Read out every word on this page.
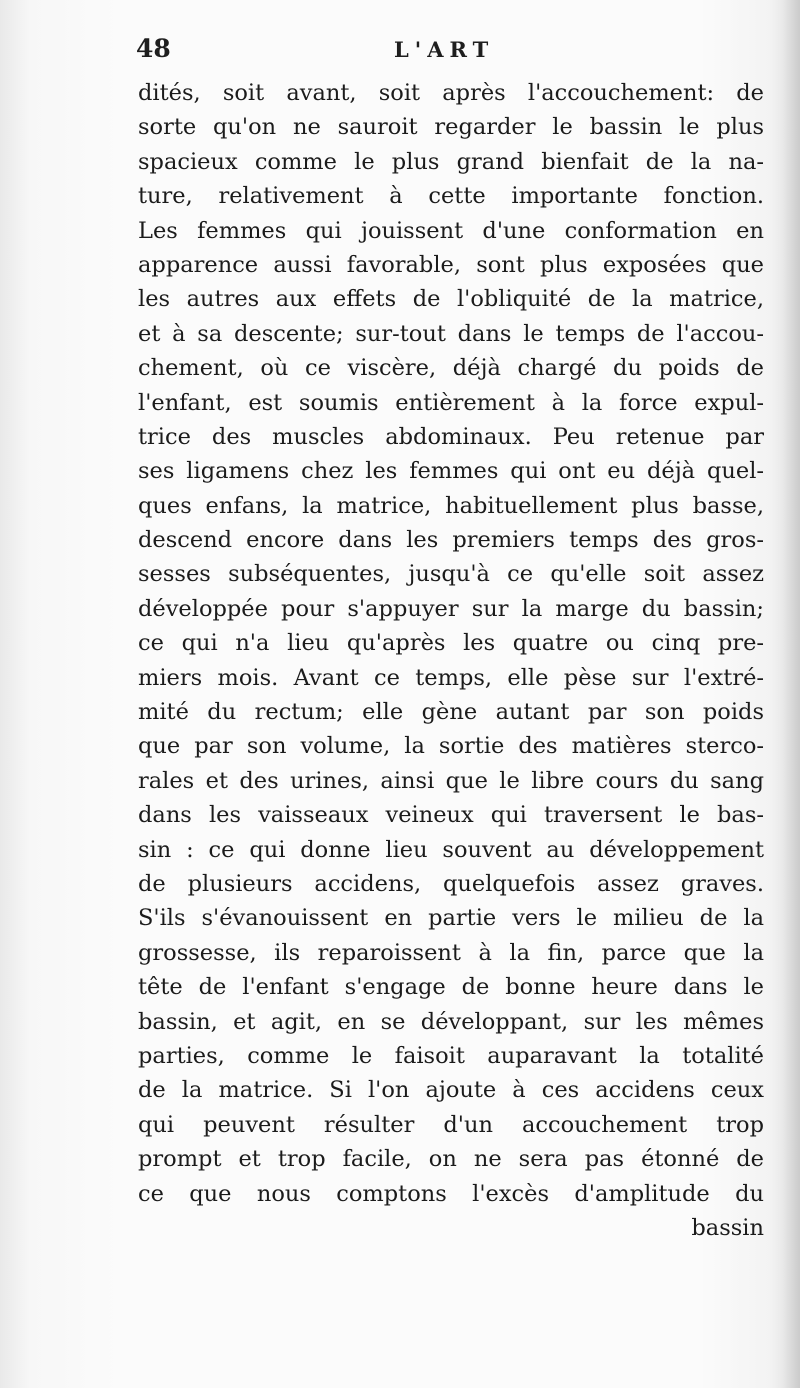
48	L'ART
dités, soit avant, soit après l'accouchement: de
sorte qu'on ne sauroit regarder le bassin le plus
spacieux comme le plus grand bienfait de la na-
ture, relativement à cette importante fonction.
Les femmes qui jouissent d'une conformation en
apparence aussi favorable, sont plus exposées que
les autres aux effets de l'obliquité de la matrice,
et à sa descente; sur-tout dans le temps de l'accou-
chement, où ce viscère, déjà chargé du poids de
l'enfant, est soumis entièrement à la force expul-
trice des muscles abdominaux. Peu retenue par
ses ligamens chez les femmes qui ont eu déjà quel-
ques enfans, la matrice, habituellement plus basse,
descend encore dans les premiers temps des gros-
sesses subséquentes, jusqu'à ce qu'elle soit assez
développée pour s'appuyer sur la marge du bassin;
ce qui n'a lieu qu'après les quatre ou cinq pre-
miers mois. Avant ce temps, elle pèse sur l'extré-
mité du rectum; elle gène autant par son poids
que par son volume, la sortie des matières sterco-
rales et des urines, ainsi que le libre cours du sang
dans les vaisseaux veineux qui traversent le bas-
sin : ce qui donne lieu souvent au développement
de plusieurs accidens, quelquefois assez graves.
S'ils s'évanouissent en partie vers le milieu de la
grossesse, ils reparoissent à la fin, parce que la
tête de l'enfant s'engage de bonne heure dans le
bassin, et agit, en se développant, sur les mêmes
parties, comme le faisoit auparavant la totalité
de la matrice. Si l'on ajoute à ces accidens ceux
qui peuvent résulter d'un accouchement trop
prompt et trop facile, on ne sera pas étonné de
ce que nous comptons l'excès d'amplitude du
bassin
